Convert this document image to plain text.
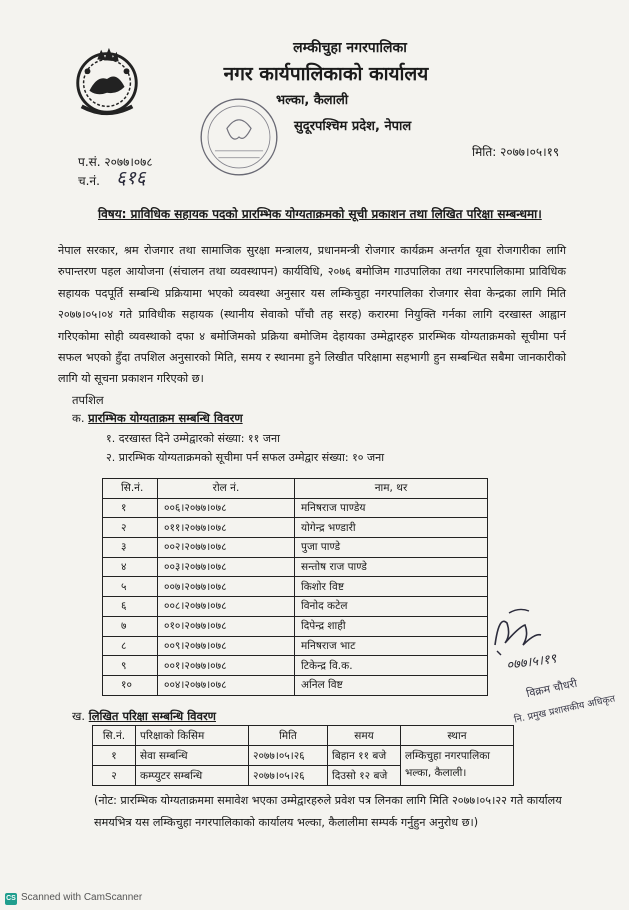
लम्कीचुहा नगरपालिका
नगर कार्यपालिकाको कार्यालय
भल्का, कैलाली
सुदूरपश्चिम प्रदेश, नेपाल
प.सं. २०७७।०७८
च.नं. ६१६
मिति: २०७७।०५।१९
विषय: प्राविधिक सहायक पदको प्रारम्भिक योग्यताक्रमको सूची प्रकाशन तथा लिखित परिक्षा सम्बन्धमा।
नेपाल सरकार, श्रम रोजगार तथा सामाजिक सुरक्षा मन्त्रालय, प्रधानमन्त्री रोजगार कार्यक्रम अन्तर्गत यूवा रोजगारीका लागि रुपान्तरण पहल आयोजना (संचालन तथा व्यवस्थापन) कार्यविधि, २०७६ बमोजिम गाउपालिका तथा नगरपालिकामा प्राविधिक सहायक पदपूर्ति सम्बन्धि प्रक्रियामा भएको व्यवस्था अनुसार यस लम्किचुहा नगरपालिका रोजगार सेवा केन्द्रका लागि मिति २०७७।०५।०४ गते प्राविधीक सहायक (स्थानीय सेवाको पाँचौ तह सरह) करारमा नियुक्ति गर्नका लागि दरखास्त आह्वान गरिएकोमा सोही व्यवस्थाको दफा ४ बमोजिमको प्रक्रिया बमोजिम देहायका उम्मेद्वारहरु प्रारम्भिक योग्यताक्रमको सूचीमा पर्न सफल भएको हुँदा तपशिल अनुसारको मिति, समय र स्थानमा हुने लिखीत परिक्षामा सहभागी हुन सम्बन्धित सबैमा जानकारीको लागि यो सूचना प्रकाशन गरिएको छ।
तपशिल
क. प्रारम्भिक योग्यताक्रम सम्बन्धि विवरण
१. दरखास्त दिने उम्मेद्वारको संख्या: ११ जना
२. प्रारम्भिक योग्यताक्रमको सूचीमा पर्न सफल उम्मेद्वार संख्या: १० जना
सि.नं.	रोल नं.	नाम, थर
१	००६।२०७७।०७८	मनिषराज पाण्डेय
२	०११।२०७७।०७८	योगेन्द्र भण्डारी
३	००२।२०७७।०७८	पुजा पाण्डे
४	००३।२०७७।०७८	सन्तोष राज पाण्डे
५	००७।२०७७।०७८	किशोर विष्ट
६	००८।२०७७।०७८	विनोद कटेल
७	०१०।२०७७।०७८	दिपेन्द्र शाही
८	००९।२०७७।०७८	मनिषराज भाट
९	००१।२०७७।०७८	टिकेन्द्र वि.क.
१०	००४।२०७७।०७८	अनिल विष्ट
०७७।५।१९
विक्रम चौधरी
नि. प्रमुख प्रशासकीय अधिकृत
ख. लिखित परिक्षा सम्बन्धि विवरण
सि.नं.	परिक्षाको किसिम	मिति	समय	स्थान
१	सेवा सम्बन्धि	२०७७।०५।२६	बिहान ११ बजे	लम्किचुहा नगरपालिका भल्का, कैलाली।
२	कम्प्युटर सम्बन्धि	२०७७।०५।२६	दिउसो १२ बजे	
(नोट: प्रारम्भिक योग्यताक्रममा समावेश भएका उम्मेद्वारहरुले प्रवेश पत्र लिनका लागि मिति २०७७।०५।२२ गते कार्यालय समयभित्र यस लम्किचुहा नगरपालिकाको कार्यालय भल्का, कैलालीमा सम्पर्क गर्नुहुन अनुरोध छ।)
CS Scanned with CamScanner
